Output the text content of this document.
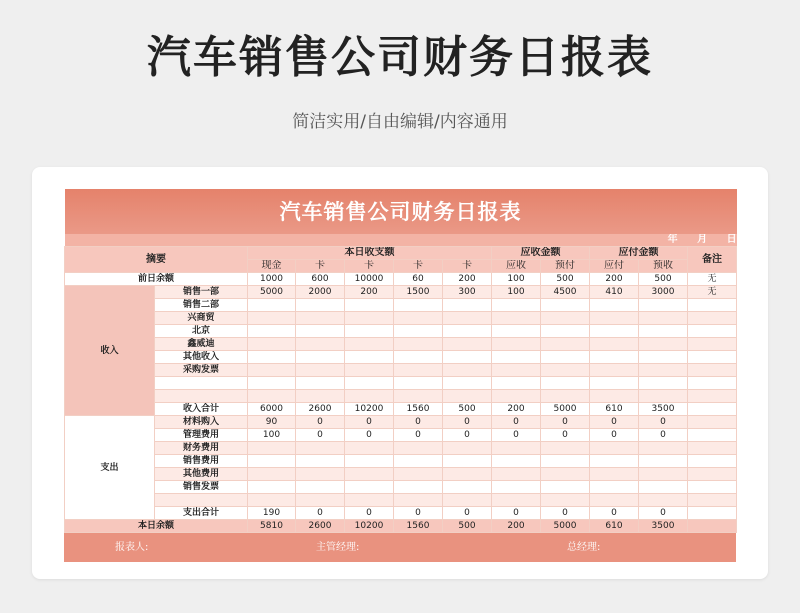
汽车销售公司财务日报表
简洁实用/自由编辑/内容通用
汽车销售公司财务日报表											
年 月 日											
摘要		本日收支额					应收金额		应付金额		备注
		现金	卡	卡	卡	卡	应收	预付	应付	预收	
前日余额		1000	600	10000	60	200	100	500	200	500	无
收入	销售一部	5000	2000	200	1500	300	100	4500	410	3000	无
	销售二部										
	兴商贸										
	北京										
	鑫威迪										
	其他收入										
	采购发票										

	收入合计	6000	2600	10200	1560	500	200	5000	610	3500	
支出	材料购入	90	0	0	0	0	0	0	0	0	
	管理费用	100	0	0	0	0	0	0	0	0	
	财务费用										
	销售费用										
	其他费用										
	销售发票										

	支出合计	190	0	0	0	0	0	0	0	0	
本日余额		5810	2600	10200	1560	500	200	5000	610	3500	
报表人:	主管经理:	总经理:
